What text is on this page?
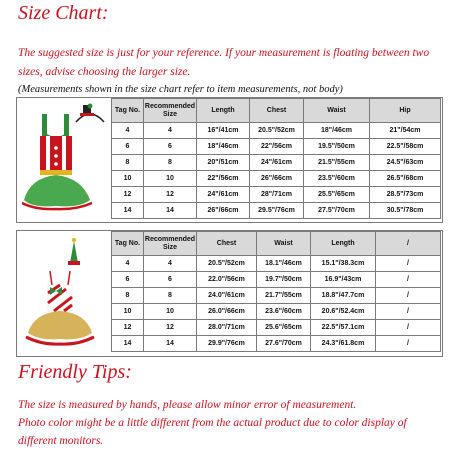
Size Chart:
The suggested size is just for your reference. If your measurement is floating between two sizes, advise choosing the larger size.
(Measurements shown in the size chart refer to item measurements, not body)
Tag No.	Recommended Size	Length	Chest	Waist	Hip
4	4	16"/41cm	20.5"/52cm	18"/46cm	21"/54cm
6	6	18"/46cm	22"/56cm	19.5"/50cm	22.5"/58cm
8	8	20"/51cm	24"/61cm	21.5"/55cm	24.5"/63cm
10	10	22"/56cm	26"/66cm	23.5"/60cm	26.5"/68cm
12	12	24"/61cm	28"/71cm	25.5"/65cm	28.5"/73cm
14	14	26"/66cm	29.5"/76cm	27.5"/70cm	30.5"/78cm
Tag No.	Recommended Size	Chest	Waist	Length	/
4	4	20.5"/52cm	18.1"/46cm	15.1"/38.3cm	/
6	6	22.0"/56cm	19.7"/50cm	16.9"/43cm	/
8	8	24.0"/61cm	21.7"/55cm	18.8"/47.7cm	/
10	10	26.0"/66cm	23.6"/60cm	20.6"/52.4cm	/
12	12	28.0"/71cm	25.6"/65cm	22.5"/57.1cm	/
14	14	29.9"/76cm	27.6"/70cm	24.3"/61.8cm	/
Friendly Tips:
The size is measured by hands, please allow minor error of measurement.
Photo color might be a little different from the actual product due to color display of
different monitors.
